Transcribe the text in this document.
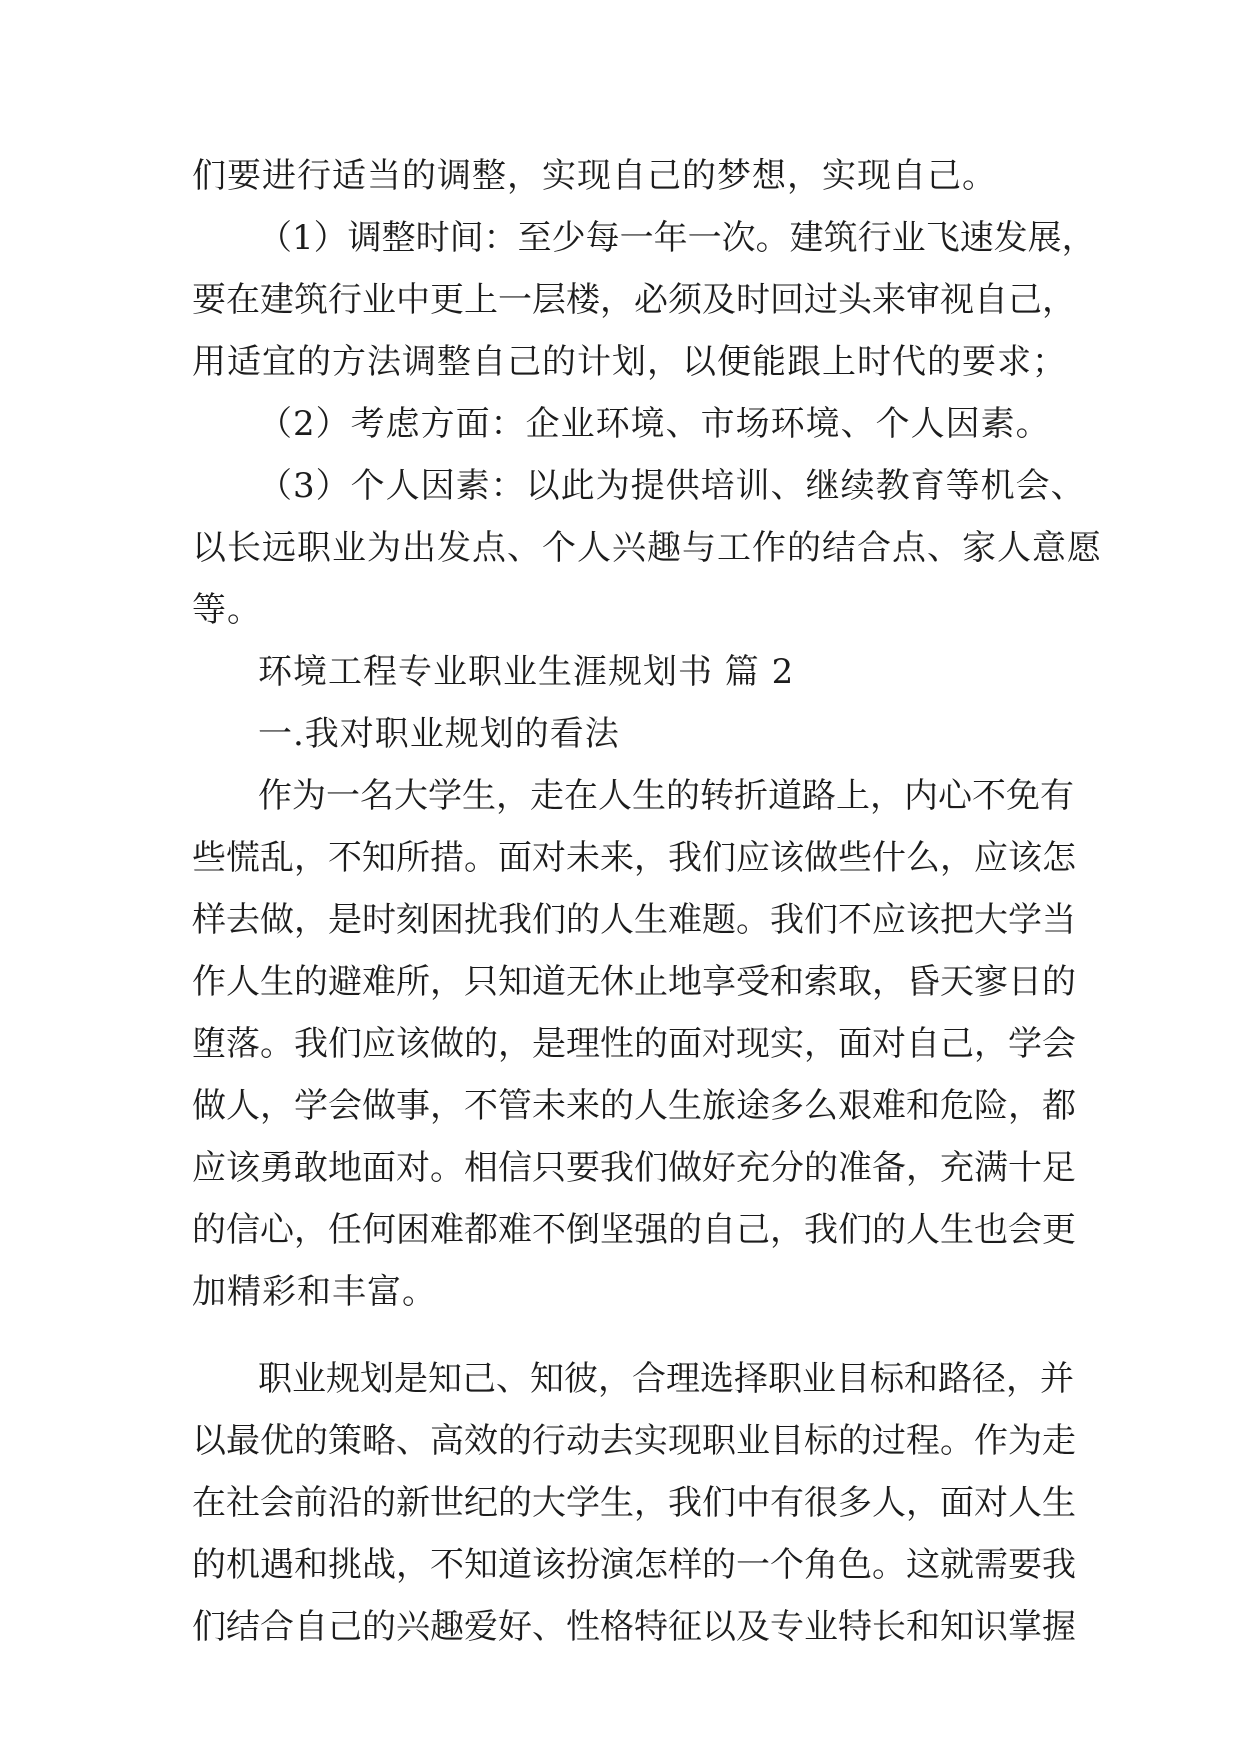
们要进行适当的调整，实现自己的梦想，实现自己。
（1）调整时间：至少每一年一次。建筑行业飞速发展，
要在建筑行业中更上一层楼，必须及时回过头来审视自己，
用适宜的方法调整自己的计划，以便能跟上时代的要求；
（2）考虑方面：企业环境、市场环境、个人因素。
（3）个人因素：以此为提供培训、继续教育等机会、
以长远职业为出发点、个人兴趣与工作的结合点、家人意愿
等。
环境工程专业职业生涯规划书 篇 2
一.我对职业规划的看法
作为一名大学生，走在人生的转折道路上，内心不免有
些慌乱，不知所措。面对未来，我们应该做些什么，应该怎
样去做，是时刻困扰我们的人生难题。我们不应该把大学当
作人生的避难所，只知道无休止地享受和索取，昏天寥日的
堕落。我们应该做的，是理性的面对现实，面对自己，学会
做人，学会做事，不管未来的人生旅途多么艰难和危险，都
应该勇敢地面对。相信只要我们做好充分的准备，充满十足
的信心，任何困难都难不倒坚强的自己，我们的人生也会更
加精彩和丰富。
职业规划是知己、知彼，合理选择职业目标和路径，并
以最优的策略、高效的行动去实现职业目标的过程。作为走
在社会前沿的新世纪的大学生，我们中有很多人，面对人生
的机遇和挑战，不知道该扮演怎样的一个角色。这就需要我
们结合自己的兴趣爱好、性格特征以及专业特长和知识掌握
